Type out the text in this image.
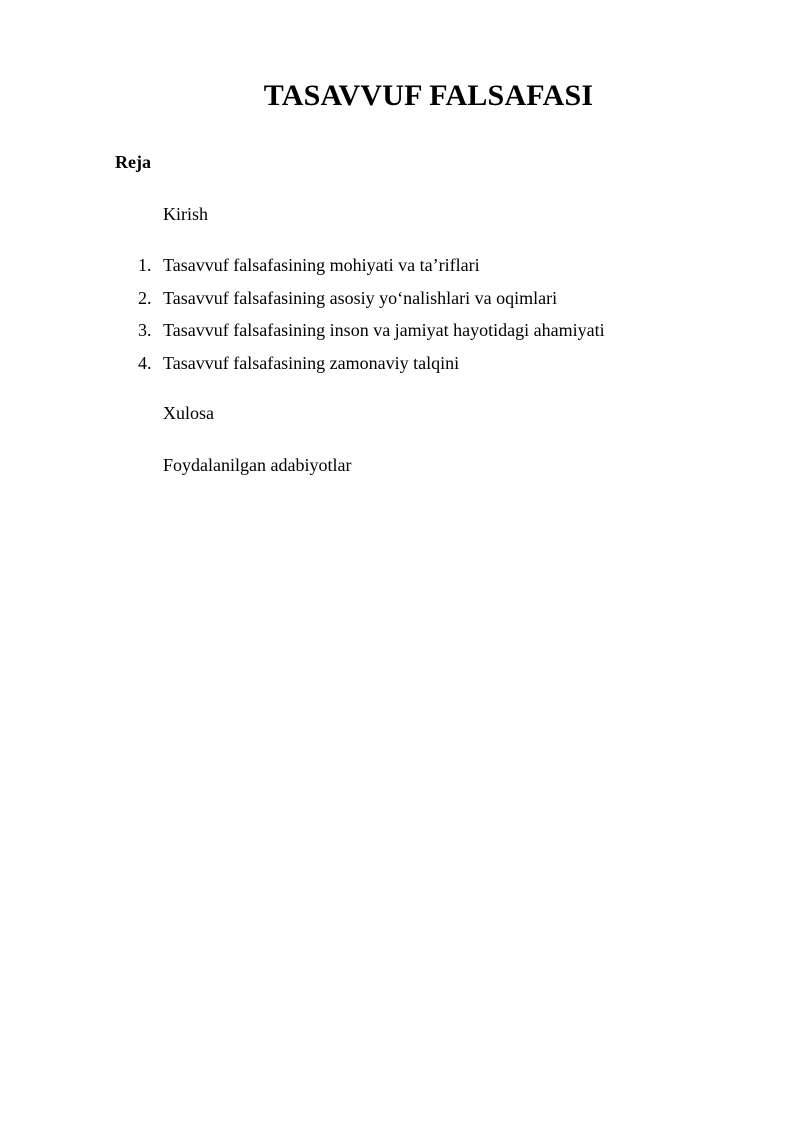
TASAVVUF FALSAFASI
Reja
Kirish
1. Tasavvuf falsafasining mohiyati va ta’riflari
2. Tasavvuf falsafasining asosiy yo‘nalishlari va oqimlari
3. Tasavvuf falsafasining inson va jamiyat hayotidagi ahamiyati
4. Tasavvuf falsafasining zamonaviy talqini
Xulosa
Foydalanilgan adabiyotlar
